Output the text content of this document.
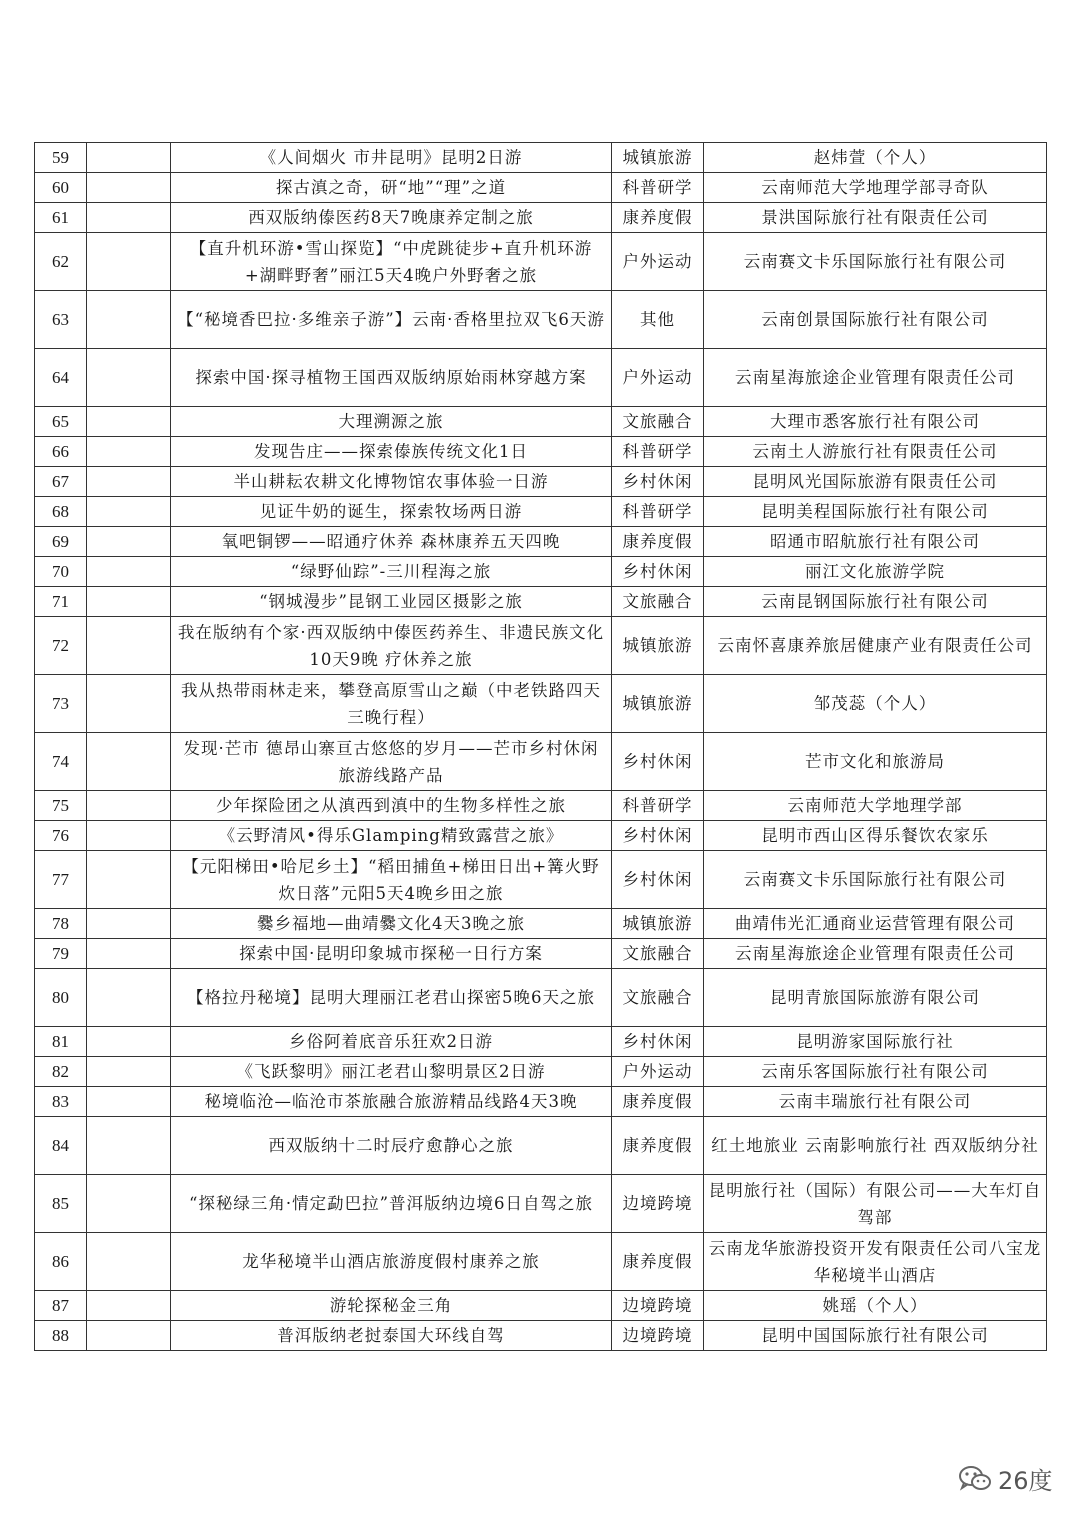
59		《人间烟火 市井昆明》昆明2日游	城镇旅游	赵炜萱（个人）
60		探古滇之奇，研“地”“理”之道	科普研学	云南师范大学地理学部寻奇队
61		西双版纳傣医药8天7晚康养定制之旅	康养度假	景洪国际旅行社有限责任公司
62		【直升机环游•雪山探览】“中虎跳徒步+直升机环游+湖畔野奢”丽江5天4晚户外野奢之旅	户外运动	云南赛文卡乐国际旅行社有限公司
63		【“秘境香巴拉·多维亲子游”】云南·香格里拉双飞6天游	其他	云南创景国际旅行社有限公司
64		探索中国·探寻植物王国西双版纳原始雨林穿越方案	户外运动	云南星海旅途企业管理有限责任公司
65		大理溯源之旅	文旅融合	大理市悉客旅行社有限公司
66		发现告庄——探索傣族传统文化1日	科普研学	云南土人游旅行社有限责任公司
67		半山耕耘农耕文化博物馆农事体验一日游	乡村休闲	昆明风光国际旅游有限责任公司
68		见证牛奶的诞生，探索牧场两日游	科普研学	昆明美程国际旅行社有限公司
69		氧吧铜锣——昭通疗休养 森林康养五天四晚	康养度假	昭通市昭航旅行社有限公司
70		“绿野仙踪”-三川程海之旅	乡村休闲	丽江文化旅游学院
71		“钢城漫步”昆钢工业园区摄影之旅	文旅融合	云南昆钢国际旅行社有限公司
72		我在版纳有个家·西双版纳中傣医药养生、非遗民族文化 10天9晚 疗休养之旅	城镇旅游	云南怀喜康养旅居健康产业有限责任公司
73		我从热带雨林走来，攀登高原雪山之巅（中老铁路四天三晚行程）	城镇旅游	邹茂蕊（个人）
74		发现·芒市 德昂山寨亘古悠悠的岁月——芒市乡村休闲旅游线路产品	乡村休闲	芒市文化和旅游局
75		少年探险团之从滇西到滇中的生物多样性之旅	科普研学	云南师范大学地理学部
76		《云野清风•得乐Glamping精致露营之旅》	乡村休闲	昆明市西山区得乐餐饮农家乐
77		【元阳梯田•哈尼乡土】“稻田捕鱼+梯田日出+篝火野炊日落”元阳5天4晚乡田之旅	乡村休闲	云南赛文卡乐国际旅行社有限公司
78		爨乡福地—曲靖爨文化4天3晚之旅	城镇旅游	曲靖伟光汇通商业运营管理有限公司
79		探索中国·昆明印象城市探秘一日行方案	文旅融合	云南星海旅途企业管理有限责任公司
80		【格拉丹秘境】昆明大理丽江老君山探密5晚6天之旅	文旅融合	昆明青旅国际旅游有限公司
81		乡俗阿着底音乐狂欢2日游	乡村休闲	昆明游家国际旅行社
82		《飞跃黎明》丽江老君山黎明景区2日游	户外运动	云南乐客国际旅行社有限公司
83		秘境临沧—临沧市茶旅融合旅游精品线路4天3晚	康养度假	云南丰瑞旅行社有限公司
84		西双版纳十二时辰疗愈静心之旅	康养度假	红土地旅业 云南影响旅行社 西双版纳分社
85		“探秘绿三角·情定勐巴拉”普洱版纳边境6日自驾之旅	边境跨境	昆明旅行社（国际）有限公司——大车灯自驾部
86		龙华秘境半山酒店旅游度假村康养之旅	康养度假	云南龙华旅游投资开发有限责任公司八宝龙华秘境半山酒店
87		游轮探秘金三角	边境跨境	姚瑶（个人）
88		普洱版纳老挝泰国大环线自驾	边境跨境	昆明中国国际旅行社有限公司
26度
